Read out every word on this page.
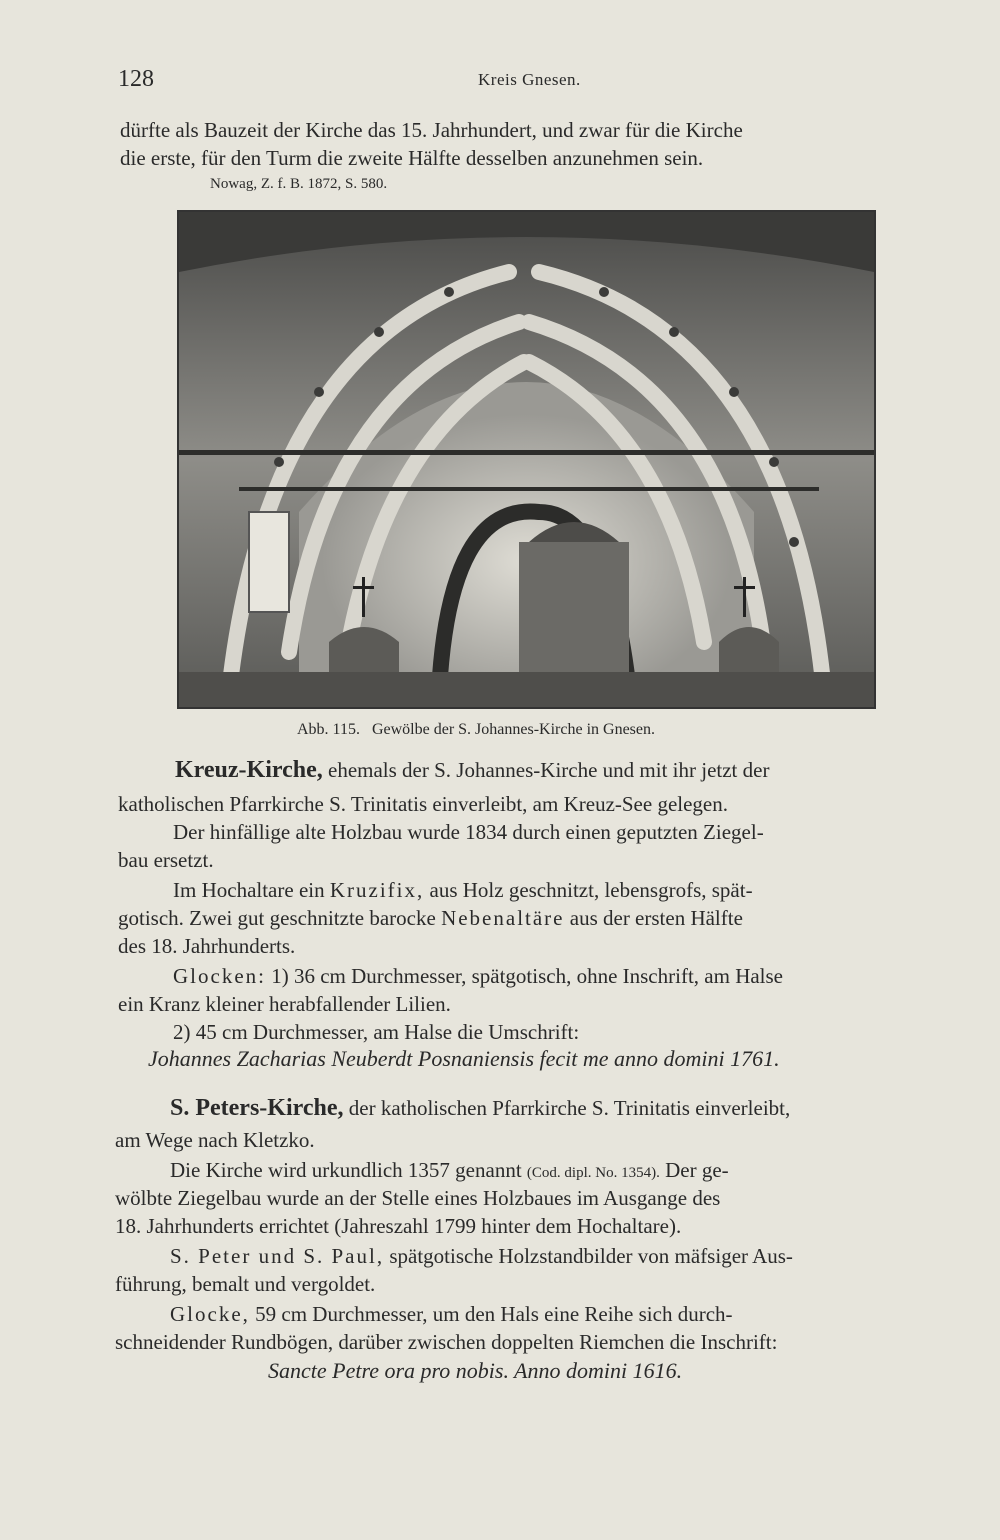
128	Kreis Gnesen.
dürfte als Bauzeit der Kirche das 15. Jahrhundert, und zwar für die Kirche
die erste, für den Turm die zweite Hälfte desselben anzunehmen sein.
Nowag, Z. f. B. 1872, S. 580.
Abb. 115. Gewölbe der S. Johannes-Kirche in Gnesen.
Kreuz-Kirche, ehemals der S. Johannes-Kirche und mit ihr jetzt der
katholischen Pfarrkirche S. Trinitatis einverleibt, am Kreuz-See gelegen.
Der hinfällige alte Holzbau wurde 1834 durch einen geputzten Ziegel-
bau ersetzt.
Im Hochaltare ein Kruzifix, aus Holz geschnitzt, lebensgrofs, spät-
gotisch. Zwei gut geschnitzte barocke Nebenaltäre aus der ersten Hälfte
des 18. Jahrhunderts.
Glocken: 1) 36 cm Durchmesser, spätgotisch, ohne Inschrift, am Halse
ein Kranz kleiner herabfallender Lilien.
2) 45 cm Durchmesser, am Halse die Umschrift:
Johannes Zacharias Neuberdt Posnaniensis fecit me anno domini 1761.
S. Peters-Kirche, der katholischen Pfarrkirche S. Trinitatis einverleibt,
am Wege nach Kletzko.
Die Kirche wird urkundlich 1357 genannt (Cod. dipl. No. 1354). Der ge-
wölbte Ziegelbau wurde an der Stelle eines Holzbaues im Ausgange des
18. Jahrhunderts errichtet (Jahreszahl 1799 hinter dem Hochaltare).
S. Peter und S. Paul, spätgotische Holzstandbilder von mäfsiger Aus-
führung, bemalt und vergoldet.
Glocke, 59 cm Durchmesser, um den Hals eine Reihe sich durch-
schneidender Rundbögen, darüber zwischen doppelten Riemchen die Inschrift:
Sancte Petre ora pro nobis. Anno domini 1616.
